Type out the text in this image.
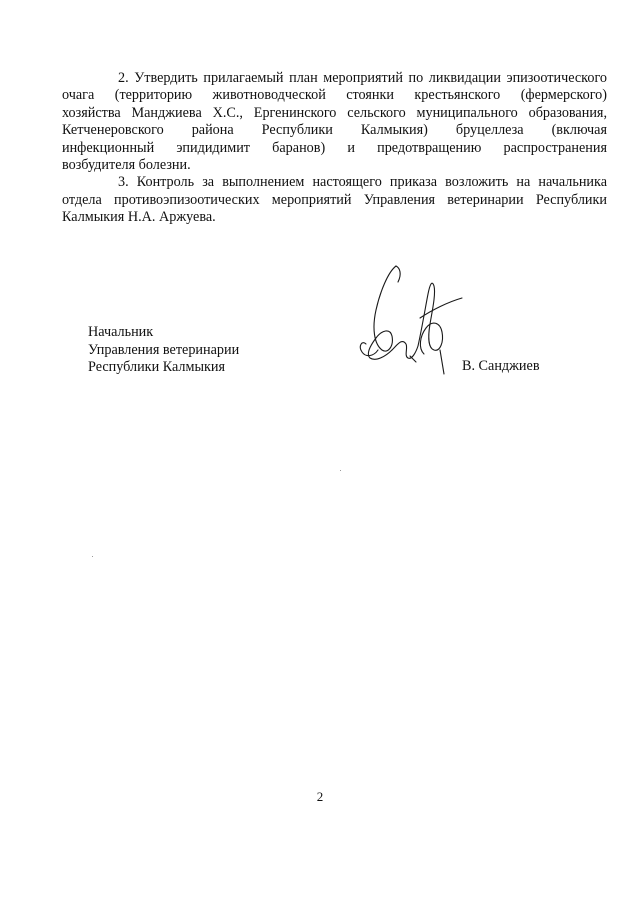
2. Утвердить прилагаемый план мероприятий по ликвидации эпизоотического
очага (территорию животноводческой стоянки крестьянского (фермерского)
хозяйства Манджиева Х.С., Ергенинского сельского муниципального образования,
Кетченеровского района Республики Калмыкия) бруцеллеза (включая
инфекционный эпидидимит баранов) и предотвращению распространения
возбудителя болезни.

3. Контроль за выполнением настоящего приказа возложить на начальника
отдела противоэпизоотических мероприятий Управления ветеринарии Республики
Калмыкия Н.А. Аржуева.

Начальник
Управления ветеринарии
Республики Калмыкия	В. Санджиев
2
